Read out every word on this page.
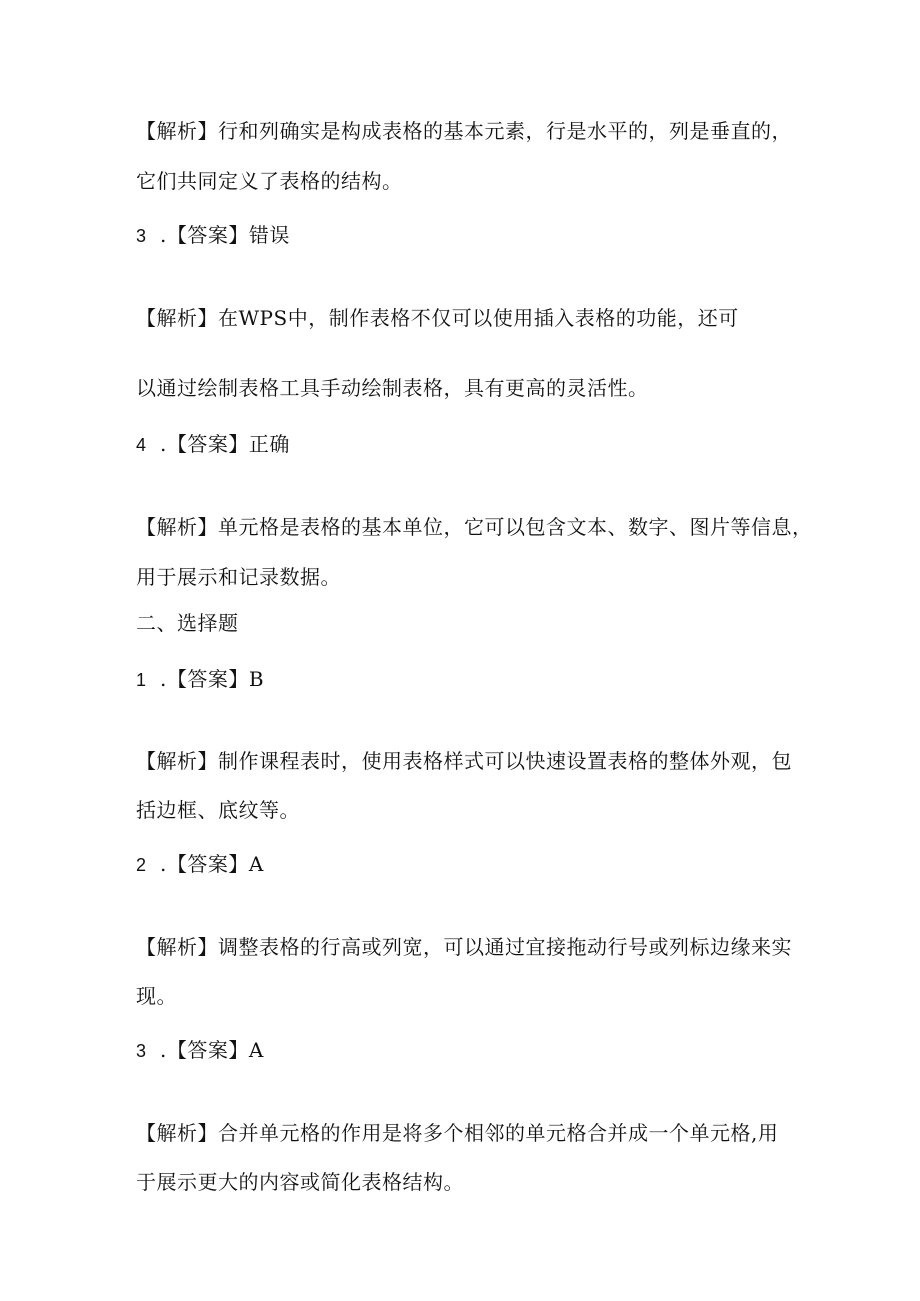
【解析】行和列确实是构成表格的基本元素，行是水平的，列是垂直的，
它们共同定义了表格的结构。
3 .【答案】错误
【解析】在WPS中，制作表格不仅可以使用插入表格的功能，还可
以通过绘制表格工具手动绘制表格，具有更高的灵活性。
4 .【答案】正确
【解析】单元格是表格的基本单位，它可以包含文本、数字、图片等信息，
用于展示和记录数据。
二、选择题
1 .【答案】B
【解析】制作课程表时，使用表格样式可以快速设置表格的整体外观，包
括边框、底纹等。
2 .【答案】A
【解析】调整表格的行高或列宽，可以通过宜接拖动行号或列标边缘来实
现。
3 .【答案】A
【解析】合并单元格的作用是将多个相邻的单元格合并成一个单元格,用
于展示更大的内容或简化表格结构。
